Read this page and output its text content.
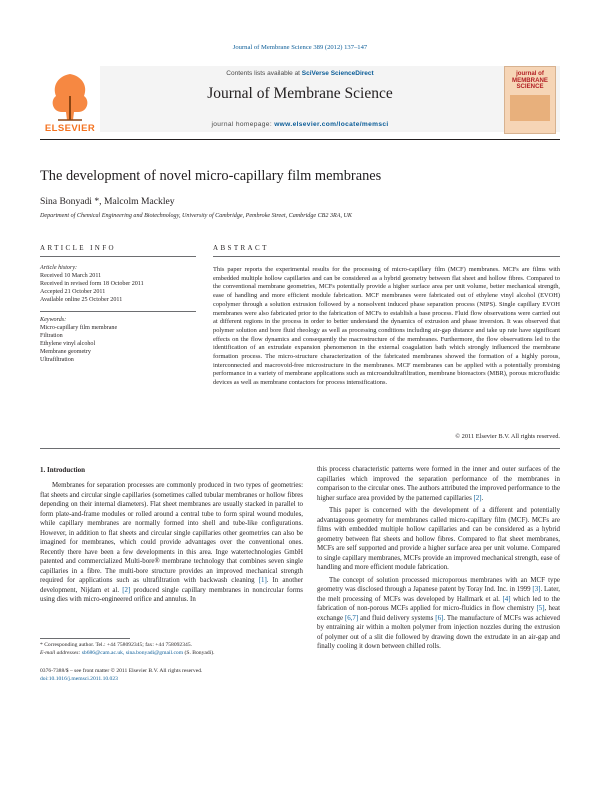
Journal of Membrane Science 389 (2012) 137–147
ELSEVIER
Contents lists available at SciVerse ScienceDirect
Journal of Membrane Science
journal homepage: www.elsevier.com/locate/memsci
journal of MEMBRANE SCIENCE
The development of novel micro-capillary film membranes
Sina Bonyadi *, Malcolm Mackley
Department of Chemical Engineering and Biotechnology, University of Cambridge, Pembroke Street, Cambridge CB2 3RA, UK
ARTICLE INFO
Article history:
Received 10 March 2011
Received in revised form 18 October 2011
Accepted 21 October 2011
Available online 25 October 2011
Keywords:
Micro-capillary film membrane
Filtration
Ethylene vinyl alcohol
Membrane geometry
Ultrafiltration
ABSTRACT
This paper reports the experimental results for the processing of micro-capillary film (MCF) membranes. MCFs are films with embedded multiple hollow capillaries and can be considered as a hybrid geometry between flat sheet and hollow fibres. Compared to the conventional membrane geometries, MCFs potentially provide a higher surface area per unit volume, better mechanical strength, ease of handling and more efficient module fabrication. MCF membranes were fabricated out of ethylene vinyl alcohol (EVOH) copolymer through a solution extrusion followed by a nonsolvent induced phase separation process (NIPS). Single capillary EVOH membranes were also fabricated prior to the fabrication of MCFs to establish a base process. Fluid flow observations were carried out at different regions in the process in order to better understand the dynamics of extrusion and phase inversion. It was observed that polymer solution and bore fluid rheology as well as processing conditions including air-gap distance and take up rate have significant effects on the flow dynamics and consequently the macrostructure of the membranes. Furthermore, the flow observations led to the identification of an extrudate expansion phenomenon in the external coagulation bath which strongly influenced the membrane formation process. The micro-structure characterization of the fabricated membranes showed the formation of a highly porous, interconnected and macrovoid-free microstructure in the membranes. MCF membranes can be applied with a potentially promising performance in a variety of membrane applications such as microandultrafiltration, membrane bioreactors (MBR), porous microfluidic devices as well as membrane contactors for process intensifications.
© 2011 Elsevier B.V. All rights reserved.
1. Introduction

Membranes for separation processes are commonly produced in two types of geometries: flat sheets and circular single capillaries (sometimes called tubular membranes or hollow fibres depending on their internal diameters). Flat sheet membranes are usually stacked in parallel to form plate-and-frame modules or rolled around a central tube to form spiral wound modules, while capillary membranes are normally formed into shell and tube-like configurations. However, in addition to flat sheets and circular single capillaries other geometries can also be imagined for membranes, which could provide advantages over the conventional ones. Recently there have been a few developments in this area. Inge watertechnologies GmbH patented and commercialized Multi-bore® membrane technology that combines seven single capillaries in a fibre. The multi-bore structure provides an improved mechanical strength required for applications such as ultrafiltration with backwash cleaning [1]. In another development, Nijdam et al. [2] produced single capillary membranes in noncircular forms using dies with micro-engineered orifice and annulus. In

this process characteristic patterns were formed in the inner and outer surfaces of the capillaries which improved the separation performance of the membranes in comparison to the circular ones. The authors attributed the improved performance to the higher surface area provided by the patterned capillaries [2].

This paper is concerned with the development of a different and potentially advantageous geometry for membranes called micro-capillary film (MCF). MCFs are films with embedded multiple hollow capillaries and can be considered as a hybrid geometry between flat sheets and hollow fibres. Compared to flat sheet membranes, MCFs are self supported and provide a higher surface area per unit volume. Compared to single capillary membranes, MCFs provide an improved mechanical strength, ease of handling and more efficient module fabrication.

The concept of solution processed microporous membranes with an MCF type geometry was disclosed through a Japanese patent by Toray Ind. Inc. in 1999 [3]. Later, the melt processing of MCFs was developed by Hallmark et al. [4] which led to the fabrication of non-porous MCFs applied for micro-fluidics in flow chemistry [5], heat exchange [6,7] and fluid delivery systems [6]. The manufacture of MCFs was achieved by entraining air within a molten polymer from injection nozzles during the extrusion of polymer out of a slit die followed by drawing down the extrudate in an air-gap and finally cooling it down between chilled rolls.

* Corresponding author. Tel.: +44 758092345; fax: +44 758092345.
E-mail addresses: sb686@cam.ac.uk, sina.bonyadi@gmail.com (S. Bonyadi).
0376-7388/$ – see front matter © 2011 Elsevier B.V. All rights reserved.
doi:10.1016/j.memsci.2011.10.023
